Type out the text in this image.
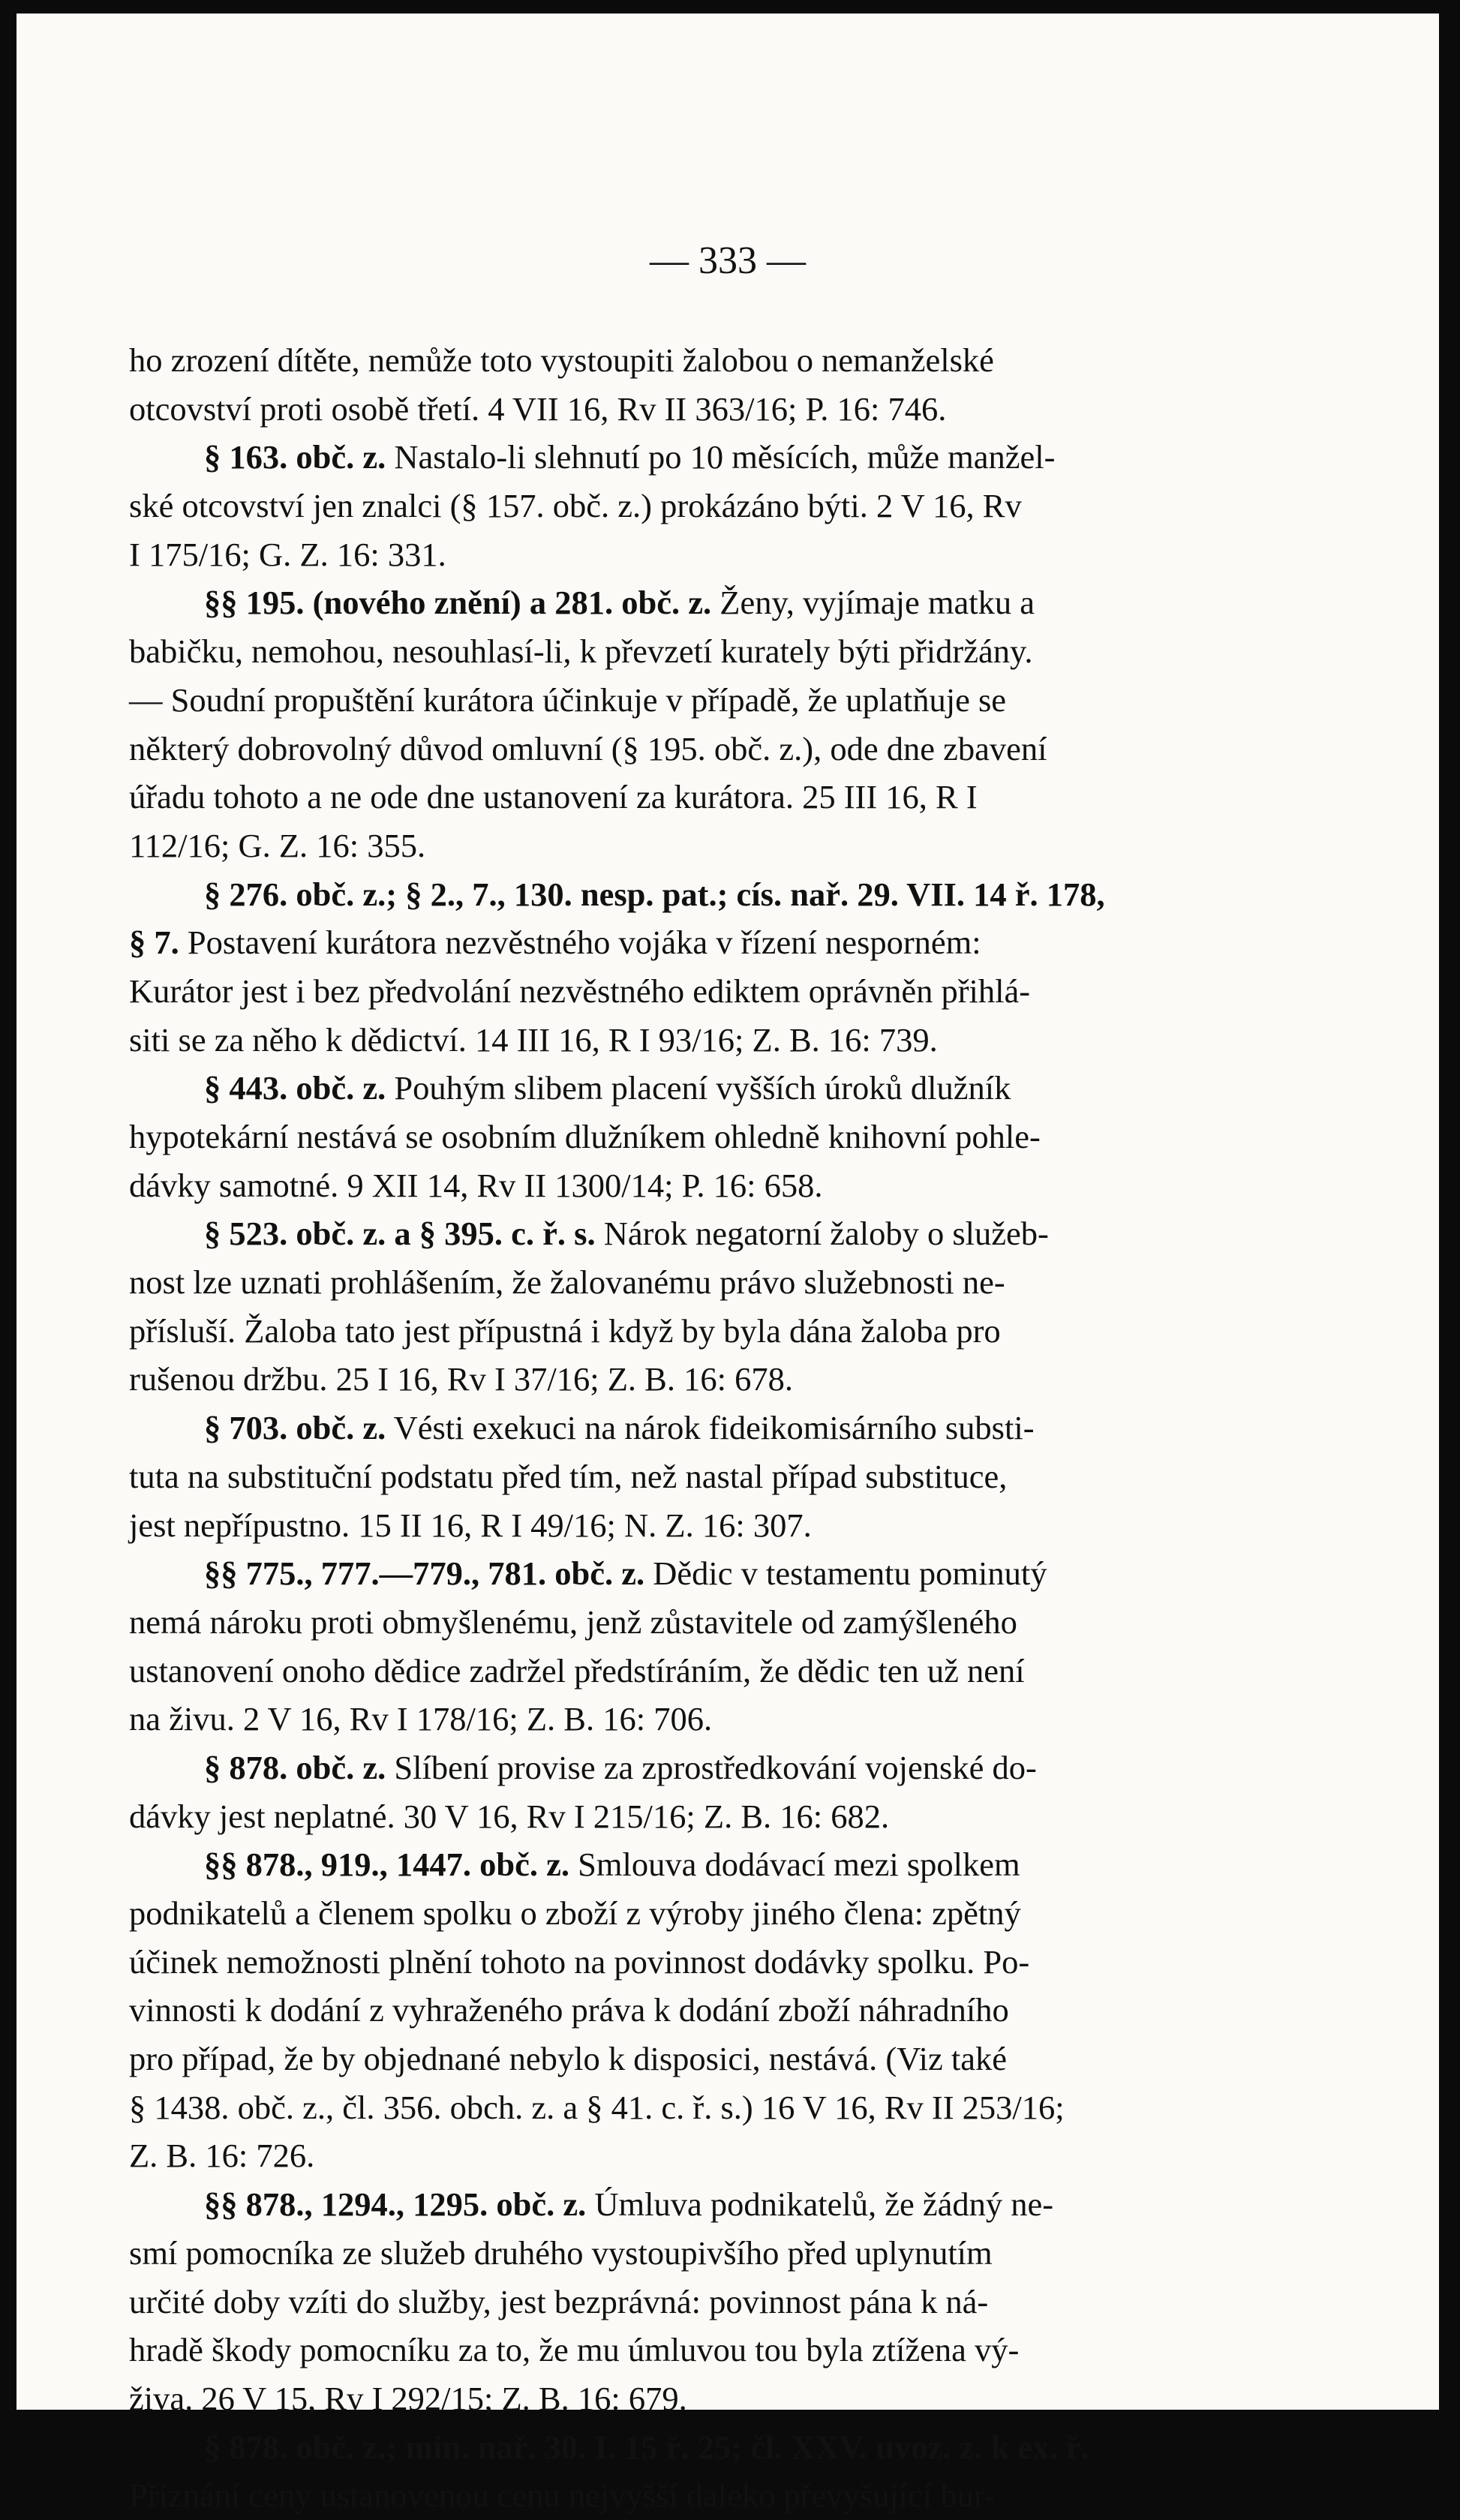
— 333 —
ho zrození dítěte, nemůže toto vystoupiti žalobou o nemanželské
otcovství proti osobě třetí. 4 VII 16, Rv II 363/16; P. 16: 746.
§ 163. obč. z. Nastalo-li slehnutí po 10 měsících, může manžel-
ské otcovství jen znalci (§ 157. obč. z.) prokázáno býti. 2 V 16, Rv
I 175/16; G. Z. 16: 331.
§§ 195. (nového znění) a 281. obč. z. Ženy, vyjímaje matku a
babičku, nemohou, nesouhlasí-li, k převzetí kuratelу býti přidržány.
— Soudní propuštění kurátora účinkuje v případě, že uplatňuje se
některý dobrovolný důvod omluvní (§ 195. obč. z.), ode dne zbavení
úřadu tohoto a ne ode dne ustanovení za kurátora. 25 III 16, R I
112/16; G. Z. 16: 355.
§ 276. obč. z.; § 2., 7., 130. nesp. pat.; cís. nař. 29. VII. 14 ř. 178,
§ 7. Postavení kurátora nezvěstného vojáka v řízení nesporném:
Kurátor jest i bez předvolání nezvěstného ediktem oprávněn přihlá-
siti se za něho k dědictví. 14 III 16, R I 93/16; Z. B. 16: 739.
§ 443. obč. z. Pouhým slibem placení vyšších úroků dlužník
hypotekární nestává se osobním dlužníkem ohledně knihovní pohle-
dávky samotné. 9 XII 14, Rv II 1300/14; P. 16: 658.
§ 523. obč. z. a § 395. c. ř. s. Nárok negatorní žaloby o služeb-
nost lze uznati prohlášením, že žalovanému právo služebnosti ne-
přísluší. Žaloba tato jest přípustná i když by byla dána žaloba pro
rušenou držbu. 25 I 16, Rv I 37/16; Z. B. 16: 678.
§ 703. obč. z. Vésti exekuci na nárok fideikomisárního substi-
tuta na substituční podstatu před tím, než nastal případ substituce,
jest nepřípustno. 15 II 16, R I 49/16; N. Z. 16: 307.
§§ 775., 777.—779., 781. obč. z. Dědic v testamentu pominutý
nemá nároku proti obmyšlenému, jenž zůstavitele od zamýšleného
ustanovení onoho dědice zadržel předstíráním, že dědic ten už není
na živu. 2 V 16, Rv I 178/16; Z. B. 16: 706.
§ 878. obč. z. Slíbení provise za zprostředkování vojenské do-
dávky jest neplatné. 30 V 16, Rv I 215/16; Z. B. 16: 682.
§§ 878., 919., 1447. obč. z. Smlouva dodávací mezi spolkem
podnikatelů a členem spolku o zboží z výroby jiného člena: zpětný
účinek nemožnosti plnění tohoto na povinnost dodávky spolku. Po-
vinnosti k dodání z vyhraženého práva k dodání zboží náhradního
pro případ, že by objednané nebylo k disposici, nestává. (Viz také
§ 1438. obč. z., čl. 356. obch. z. a § 41. c. ř. s.) 16 V 16, Rv II 253/16;
Z. B. 16: 726.
§§ 878., 1294., 1295. obč. z. Úmluva podnikatelů, že žádný ne-
smí pomocníka ze služeb druhého vystoupivšího před uplynutím
určité doby vzíti do služby, jest bezprávná: povinnost pána k ná-
hradě škody pomocníku za to, že mu úmluvou tou byla ztížena vý-
živa. 26 V 15, Rv I 292/15; Z. B. 16: 679.
§ 878. obč. z.; min. nař. 30. I. 15 ř. 25; čl. XXV. uvoz. z. k ex. ř.
Přiznání ceny ustanovenou cenu nejvyšší daleko převyšující bur-
